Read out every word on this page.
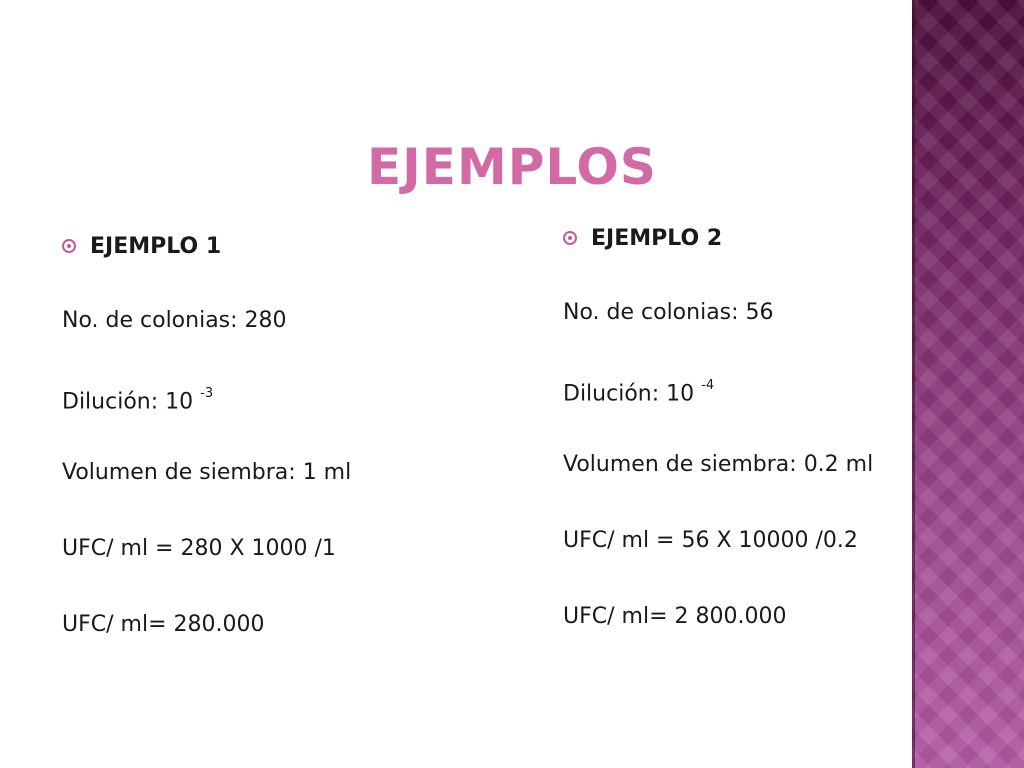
EJEMPLOS
EJEMPLO 1
No. de colonias: 280
Dilución: 10 $^{-3}$
Volumen de siembra: 1 ml
UFC/ ml = 280 X 1000 /1
UFC/ ml= 280.000
EJEMPLO 2
No. de colonias: 56
Dilución: 10 $^{-4}$
Volumen de siembra: 0.2 ml
UFC/ ml = 56 X 10000 /0.2
UFC/ ml= 2 800.000
